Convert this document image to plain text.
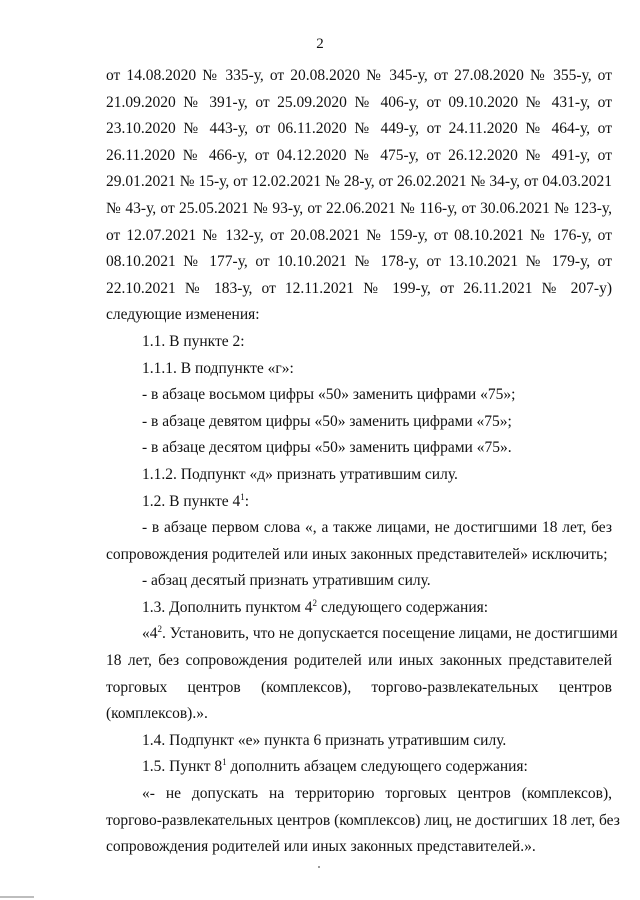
2
от 14.08.2020 № 335-у, от 20.08.2020 № 345-у, от 27.08.2020 № 355-у, от
21.09.2020 № 391-у, от 25.09.2020 № 406-у, от 09.10.2020 № 431-у, от
23.10.2020 № 443-у, от 06.11.2020 № 449-у, от 24.11.2020 № 464-у, от
26.11.2020 № 466-у, от 04.12.2020 № 475-у, от 26.12.2020 № 491-у, от
29.01.2021 № 15-у, от 12.02.2021 № 28-у, от 26.02.2021 № 34-у, от 04.03.2021
№ 43-у, от 25.05.2021 № 93-у, от 22.06.2021 № 116-у, от 30.06.2021 № 123-у,
от 12.07.2021 № 132-у, от 20.08.2021 № 159-у, от 08.10.2021 № 176-у, от
08.10.2021 № 177-у, от 10.10.2021 № 178-у, от 13.10.2021 № 179-у, от
22.10.2021 № 183-у, от 12.11.2021 № 199-у, от 26.11.2021 № 207-у)
следующие изменения:
1.1. В пункте 2:
1.1.1. В подпункте «г»:
- в абзаце восьмом цифры «50» заменить цифрами «75»;
- в абзаце девятом цифры «50» заменить цифрами «75»;
- в абзаце десятом цифры «50» заменить цифрами «75».
1.1.2. Подпункт «д» признать утратившим силу.
1.2. В пункте $4^1$:
- в абзаце первом слова «, а также лицами, не достигшими 18 лет, без
сопровождения родителей или иных законных представителей» исключить;
- абзац десятый признать утратившим силу.
1.3. Дополнить пунктом $4^2$ следующего содержания:
«$4^2$. Установить, что не допускается посещение лицами, не достигшими
18 лет, без сопровождения родителей или иных законных представителей
торговых центров (комплексов), торгово-развлекательных центров
(комплексов).».
1.4. Подпункт «е» пункта 6 признать утратившим силу.
1.5. Пункт $8^1$ дополнить абзацем следующего содержания:
«- не допускать на территорию торговых центров (комплексов),
торгово-развлекательных центров (комплексов) лиц, не достигших 18 лет, без
сопровождения родителей или иных законных представителей.».
